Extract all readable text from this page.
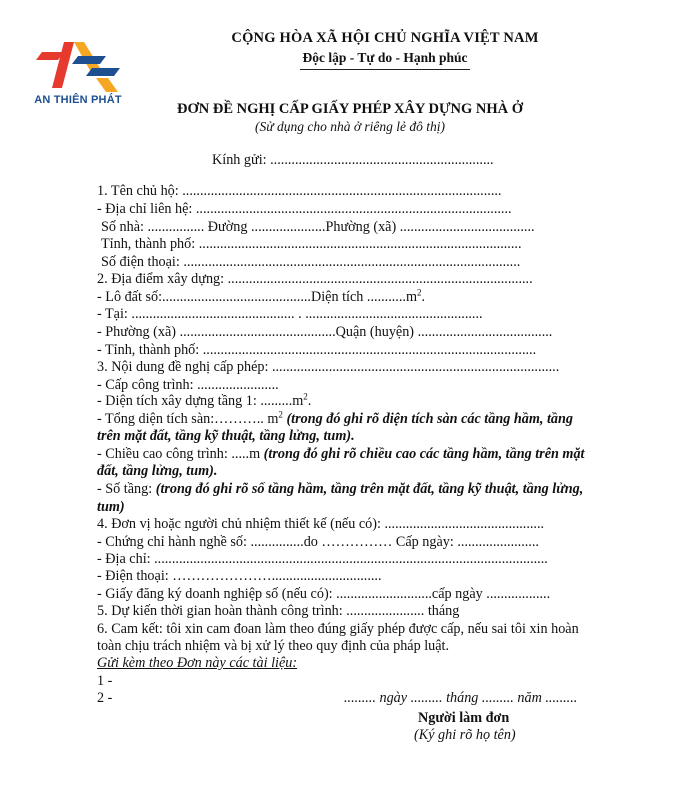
AN THIÊN PHÁT
CỘNG HÒA XÃ HỘI CHỦ NGHĨA VIỆT NAM
Độc lập - Tự do - Hạnh phúc
ĐƠN ĐỀ NGHỊ CẤP GIẤY PHÉP XÂY DỰNG NHÀ Ở
(Sử dụng cho nhà ở riêng lẻ đô thị)
Kính gửi: ...............................................................
1. Tên chủ hộ: ..........................................................................................
- Địa chỉ liên hệ: .........................................................................................
Số nhà: ................ Đường .....................Phường (xã) ......................................
Tỉnh, thành phố: ...........................................................................................
Số điện thoại: ...............................................................................................
2. Địa điểm xây dựng: ......................................................................................
- Lô đất số:..........................................Diện tích $...........m^2$.
- Tại: .............................................. . ..................................................
- Phường (xã) ............................................Quận (huyện) ......................................
- Tỉnh, thành phố: ..............................................................................................
3. Nội dung đề nghị cấp phép: .................................................................................
- Cấp công trình: .......................
- Diện tích xây dựng tầng 1: $.........m^2$.
- Tổng diện tích sàn:……….. $m^2$ (trong đó ghi rõ diện tích sàn các tầng hầm, tầng
trên mặt đất, tầng kỹ thuật, tầng lửng, tum).
- Chiều cao công trình: .....m (trong đó ghi rõ chiều cao các tầng hầm, tầng trên mặt
đất, tầng lửng, tum).
- Số tầng: (trong đó ghi rõ số tầng hầm, tầng trên mặt đất, tầng kỹ thuật, tầng lửng,
tum)
4. Đơn vị hoặc người chủ nhiệm thiết kế (nếu có): .............................................
- Chứng chỉ hành nghề số: ...............do …………… Cấp ngày: .......................
- Địa chỉ: ...............................................................................................................
- Điện thoại: …………………...............................
- Giấy đăng ký doanh nghiệp số (nếu có): ...........................cấp ngày ..................
5. Dự kiến thời gian hoàn thành công trình: ...................... tháng
6. Cam kết: tôi xin cam đoan làm theo đúng giấy phép được cấp, nếu sai tôi xin hoàn
toàn chịu trách nhiệm và bị xử lý theo quy định của pháp luật.
Gửi kèm theo Đơn này các tài liệu:
1 -
2 -	......... ngày ......... tháng ......... năm .........
Người làm đơn
(Ký ghi rõ họ tên)
